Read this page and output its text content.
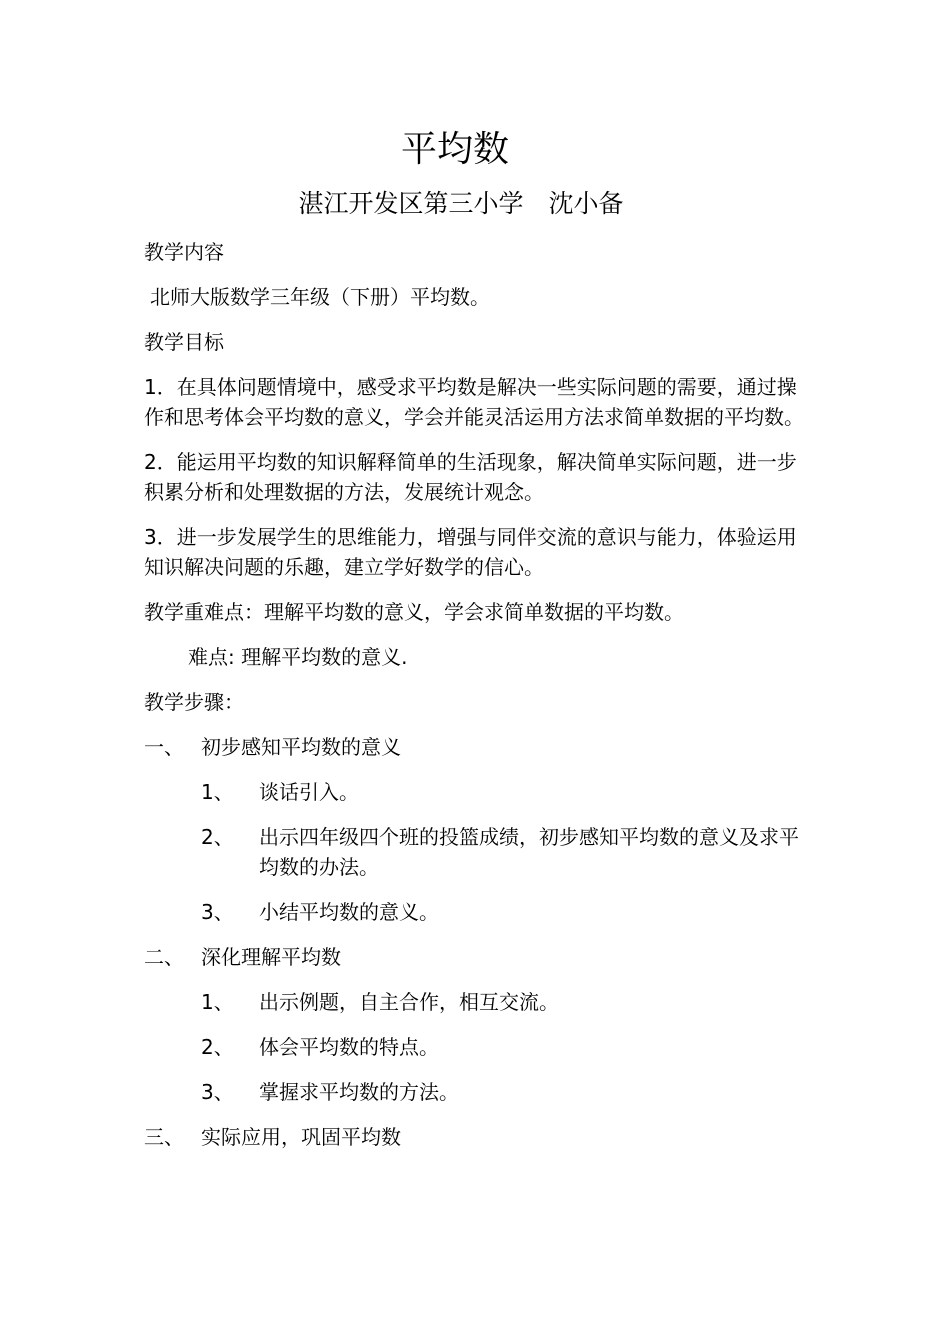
平均数
湛江开发区第三小学　沈小备
教学内容
北师大版数学三年级（下册）平均数。
教学目标
1．在具体问题情境中，感受求平均数是解决一些实际问题的需要，通过操作和思考体会平均数的意义，学会并能灵活运用方法求简单数据的平均数。
2．能运用平均数的知识解释简单的生活现象，解决简单实际问题，进一步积累分析和处理数据的方法，发展统计观念。
3．进一步发展学生的思维能力，增强与同伴交流的意识与能力，体验运用知识解决问题的乐趣，建立学好数学的信心。
教学重难点：理解平均数的意义，学会求简单数据的平均数。
难点: 理解平均数的意义.
教学步骤：
一、 初步感知平均数的意义
1、	谈话引入。
2、	出示四年级四个班的投篮成绩，初步感知平均数的意义及求平均数的办法。
3、	小结平均数的意义。
二、 深化理解平均数
1、	出示例题，自主合作，相互交流。
2、	体会平均数的特点。
3、	掌握求平均数的方法。
三、 实际应用，巩固平均数
